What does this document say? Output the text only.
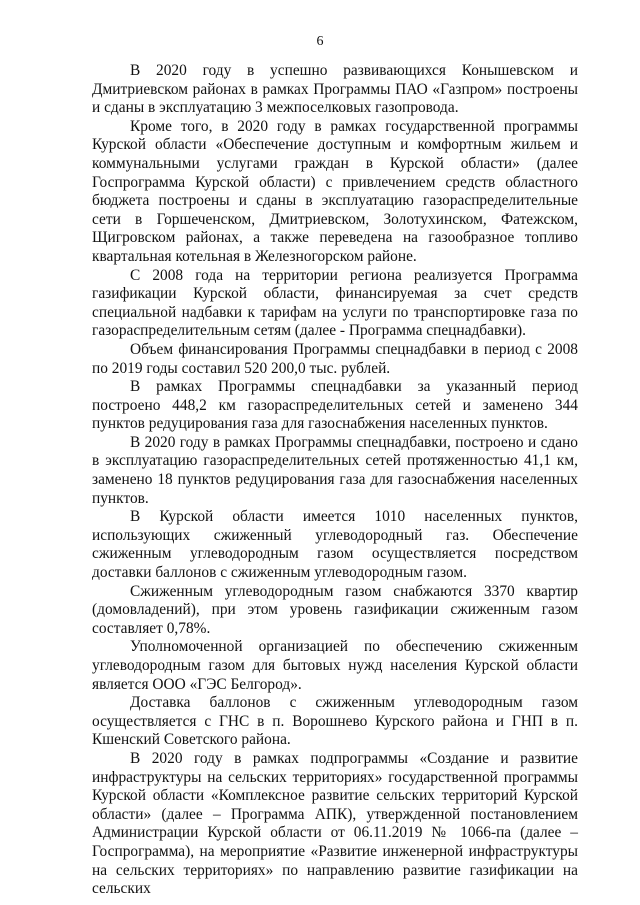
6

В 2020 году в успешно развивающихся Конышевском и Дмитриевском районах в рамках Программы ПАО «Газпром» построены и сданы в эксплуатацию 3 межпоселковых газопровода.

Кроме того, в 2020 году в рамках государственной программы Курской области «Обеспечение доступным и комфортным жильем и коммунальными услугами граждан в Курской области» (далее Госпрограмма Курской области) с привлечением средств областного бюджета построены и сданы в эксплуатацию газораспределительные сети в Горшеченском, Дмитриевском, Золотухинском, Фатежском, Щигровском районах, а также переведена на газообразное топливо квартальная котельная в Железногорском районе.

С 2008 года на территории региона реализуется Программа газификации Курской области, финансируемая за счет средств специальной надбавки к тарифам на услуги по транспортировке газа по газораспределительным сетям (далее - Программа спецнадбавки).

Объем финансирования Программы спецнадбавки в период с 2008 по 2019 годы составил 520 200,0 тыс. рублей.

В рамках Программы спецнадбавки за указанный период построено 448,2 км газораспределительных сетей и заменено 344 пунктов редуцирования газа для газоснабжения населенных пунктов.

В 2020 году в рамках Программы спецнадбавки, построено и сдано в эксплуатацию газораспределительных сетей протяженностью 41,1 км, заменено 18 пунктов редуцирования газа для газоснабжения населенных пунктов.

В Курской области имеется 1010 населенных пунктов, использующих сжиженный углеводородный газ. Обеспечение сжиженным углеводородным газом осуществляется посредством доставки баллонов с сжиженным углеводородным газом.

Сжиженным углеводородным газом снабжаются 3370 квартир (домовладений), при этом уровень газификации сжиженным газом составляет 0,78%.

Уполномоченной организацией по обеспечению сжиженным углеводородным газом для бытовых нужд населения Курской области является ООО «ГЭС Белгород».

Доставка баллонов с сжиженным углеводородным газом осуществляется с ГНС в п. Ворошнево Курского района и ГНП в п. Кшенский Советского района.

В 2020 году в рамках подпрограммы «Создание и развитие инфраструктуры на сельских территориях» государственной программы Курской области «Комплексное развитие сельских территорий Курской области» (далее – Программа АПК), утвержденной постановлением Администрации Курской области от 06.11.2019 № 1066-па (далее – Госпрограмма), на мероприятие «Развитие инженерной инфраструктуры на сельских территориях» по направлению развитие газификации на сельских
